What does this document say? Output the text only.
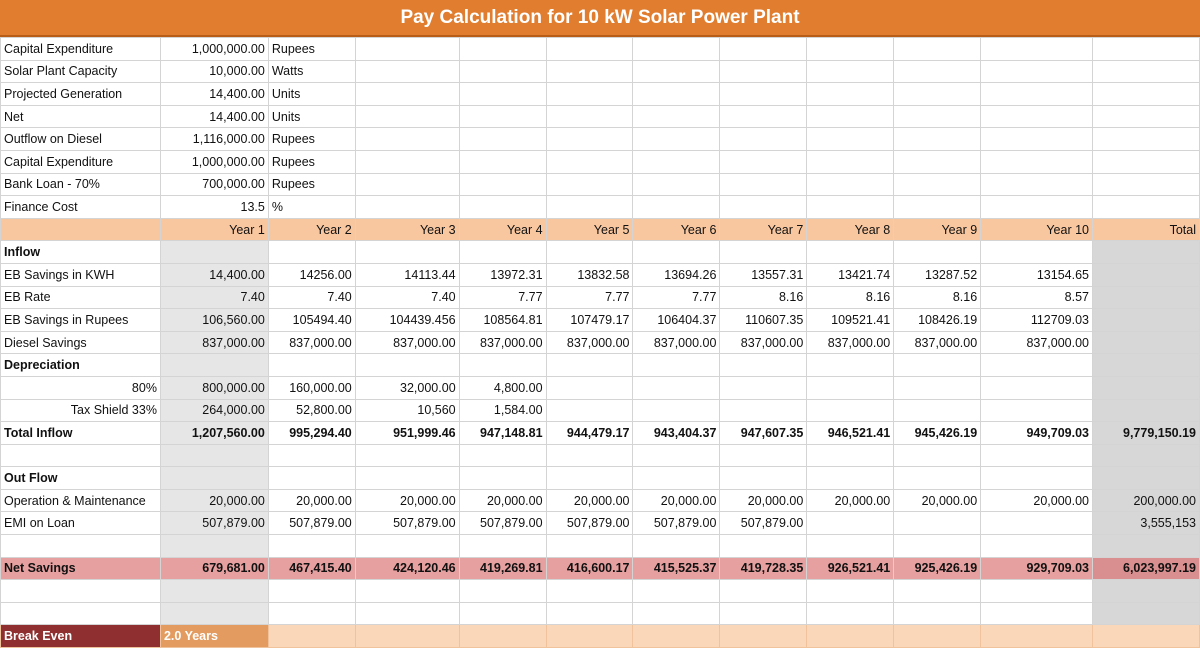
Pay Calculation for 10 kW Solar Power Plant
Capital Expenditure	1,000,000.00	Rupees									
Solar Plant Capacity	10,000.00	Watts									
Projected Generation	14,400.00	Units									
Net	14,400.00	Units									
Outflow on Diesel	1,116,000.00	Rupees									
Capital Expenditure	1,000,000.00	Rupees									
Bank Loan - 70%	700,000.00	Rupees									
Finance Cost	13.5	%									
	Year 1	Year 2	Year 3	Year 4	Year 5	Year 6	Year 7	Year 8	Year 9	Year 10	Total
Inflow											
EB Savings in KWH	14,400.00	14256.00	14113.44	13972.31	13832.58	13694.26	13557.31	13421.74	13287.52	13154.65	
EB Rate	7.40	7.40	7.40	7.77	7.77	7.77	8.16	8.16	8.16	8.57	
EB Savings in Rupees	106,560.00	105494.40	104439.456	108564.81	107479.17	106404.37	110607.35	109521.41	108426.19	112709.03	
Diesel Savings	837,000.00	837,000.00	837,000.00	837,000.00	837,000.00	837,000.00	837,000.00	837,000.00	837,000.00	837,000.00	
Depreciation											
80%	800,000.00	160,000.00	32,000.00	4,800.00							
Tax Shield 33%	264,000.00	52,800.00	10,560	1,584.00							
Total Inflow	1,207,560.00	995,294.40	951,999.46	947,148.81	944,479.17	943,404.37	947,607.35	946,521.41	945,426.19	949,709.03	9,779,150.19

Out Flow											
Operation & Maintenance	20,000.00	20,000.00	20,000.00	20,000.00	20,000.00	20,000.00	20,000.00	20,000.00	20,000.00	20,000.00	200,000.00
EMI on Loan	507,879.00	507,879.00	507,879.00	507,879.00	507,879.00	507,879.00	507,879.00				3,555,153

Net Savings	679,681.00	467,415.40	424,120.46	419,269.81	416,600.17	415,525.37	419,728.35	926,521.41	925,426.19	929,709.03	6,023,997.19

Break Even	2.0 Years										
